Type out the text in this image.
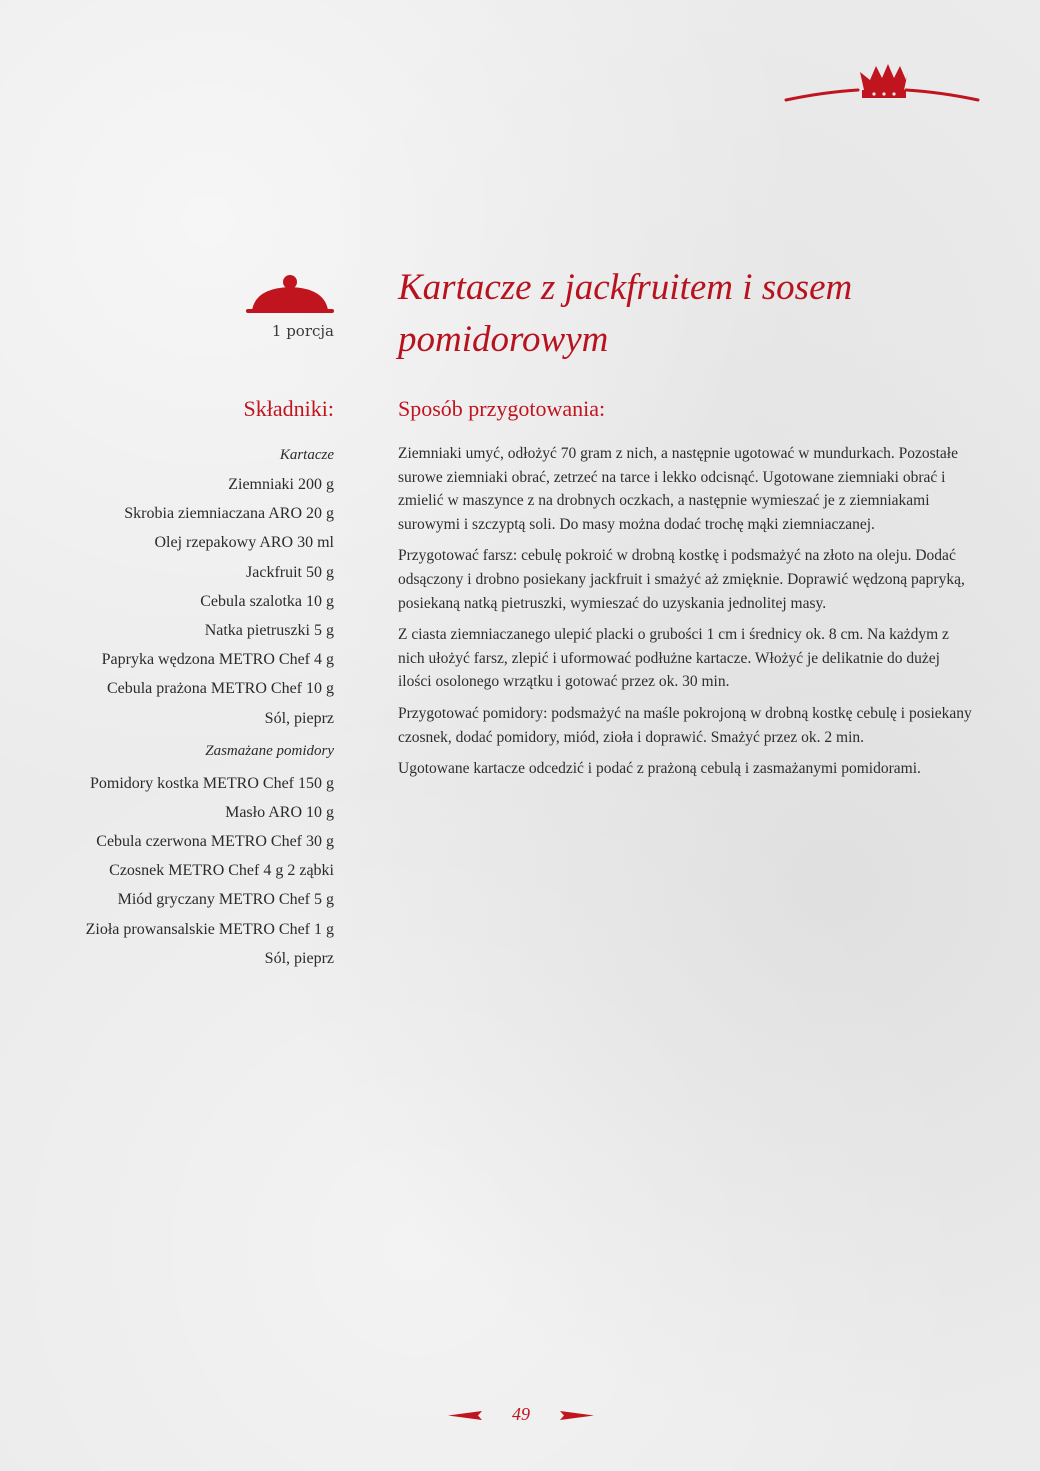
1 porcja
Kartacze z jackfruitem i sosem pomidorowym
Składniki:	Sposób przygotowania:
Kartacze
Ziemniaki 200 g
Skrobia ziemniaczana ARO 20 g
Olej rzepakowy ARO 30 ml
Jackfruit 50 g
Cebula szalotka 10 g
Natka pietruszki 5 g
Papryka wędzona METRO Chef 4 g
Cebula prażona METRO Chef 10 g
Sól, pieprz
Zasmażane pomidory
Pomidory kostka METRO Chef 150 g
Masło ARO 10 g
Cebula czerwona METRO Chef 30 g
Czosnek METRO Chef 4 g 2 ząbki
Miód gryczany METRO Chef 5 g
Zioła prowansalskie METRO Chef 1 g
Sól, pieprz

Ziemniaki umyć, odłożyć 70 gram z nich, a następnie ugotować w mundurkach. Pozostałe surowe ziemniaki obrać, zetrzeć na tarce i lekko odcisnąć. Ugotowane ziemniaki obrać i zmielić w maszynce z na drobnych oczkach, a następnie wymieszać je z ziemniakami surowymi i szczyptą soli. Do masy można dodać trochę mąki ziemniaczanej.

Przygotować farsz: cebulę pokroić w drobną kostkę i podsmażyć na złoto na oleju. Dodać odsączony i drobno posiekany jackfruit i smażyć aż zmięknie. Doprawić wędzoną papryką, posiekaną natką pietruszki, wymieszać do uzyskania jednolitej masy.

Z ciasta ziemniaczanego ulepić placki o grubości 1 cm i średnicy ok. 8 cm. Na każdym z nich ułożyć farsz, zlepić i uformować podłużne kartacze. Włożyć je delikatnie do dużej ilości osolonego wrzątku i gotować przez ok. 30 min.

Przygotować pomidory: podsmażyć na maśle pokrojoną w drobną kostkę cebulę i posiekany czosnek, dodać pomidory, miód, zioła i doprawić. Smażyć przez ok. 2 min.

Ugotowane kartacze odcedzić i podać z prażoną cebulą i zasmażanymi pomidorami.

49
